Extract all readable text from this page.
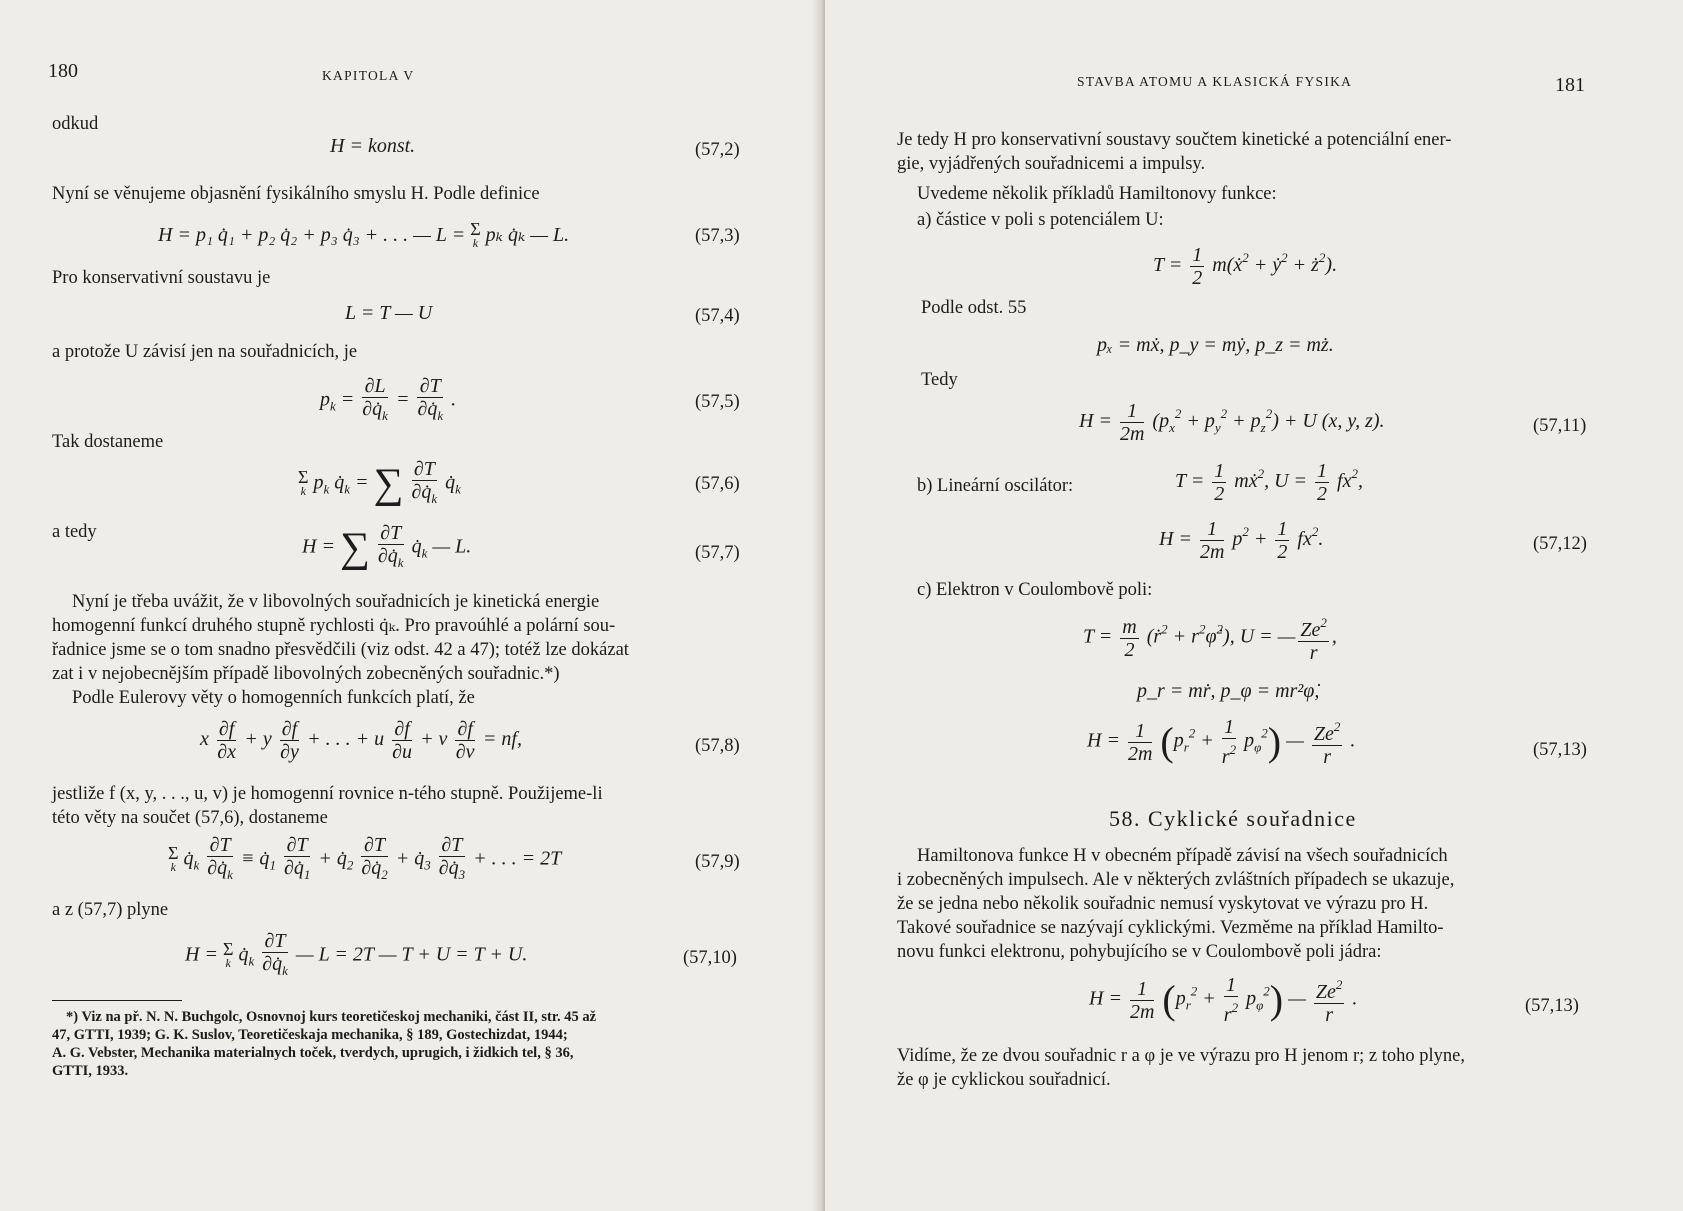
180	KAPITOLA V
odkud
H = konst.	(57,2)
Nyní se věnujeme objasnění fysikálního smyslu H. Podle definice
H = p₁ q̇₁ + p₂ q̇₂ + p₃ q̇₃ + . . . — L = Σ
k pₖ q̇ₖ — L.	(57,3)
Pro konservativní soustavu je
L = T — U	(57,4)
a protože U závisí jen na souřadnicích, je
$p_k = \frac{\partial L}{\partial q̇_k} = \frac{\partial T}{\partial q̇_k}$ .	(57,5)
Tak dostaneme
Σ
k $p_k$ $q̇_k$ = ∑ $\frac{\partial T}{\partial q̇_k}$ $q̇_k$	(57,6)
a tedy
H = ∑ $\frac{\partial T}{\partial q̇_k}$ $q̇_k$ — L.	(57,7)
Nyní je třeba uvážit, že v libovolných souřadnicích je kinetická energie
homogenní funkcí druhého stupně rychlosti q̇ₖ. Pro pravoúhlé a polární sou-
řadnice jsme se o tom snadno přesvědčili (viz odst. 42 a 47); totéž lze dokázat
zat i v nejobecnějším případě libovolných zobecněných souřadnic.*)
Podle Eulerovy věty o homogenních funkcích platí, že
x $\frac{\partial f}{\partial x} + y \frac{\partial f}{\partial y}$ + . . . + u $\frac{\partial f}{\partial u} + v \frac{\partial f}{\partial v}$ = nf,	(57,8)
jestliže f (x, y, . . ., u, v) je homogenní rovnice n-tého stupně. Použijeme-li
této věty na součet (57,6), dostaneme
Σ
k $q̇_k \frac{\partial T}{\partial q̇_k}$ ≡ $q̇_1 \frac{\partial T}{\partial q̇_1}$ + $q̇_2 \frac{\partial T}{\partial q̇_2}$ + $q̇_3 \frac{\partial T}{\partial q̇_3}$ + . . . = 2T	(57,9)
a z (57,7) plyne
H = Σ
k $q̇_k \frac{\partial T}{\partial q̇_k}$ — L = 2T — T + U = T + U.	(57,10)
*) Viz na př. N. N. Buchgolc, Osnovnoj kurs teoretičeskoj mechaniki, část II, str. 45 až
47, GTTI, 1939; G. K. Suslov, Teoretičeskaja mechanika, § 189, Gostechizdat, 1944;
A. G. Vebster, Mechanika materialnych toček, tverdych, uprugich, i židkich tel, § 36,
GTTI, 1933.
STAVBA ATOMU A KLASICKÁ FYSIKA	181
Je tedy H pro konservativní soustavy součtem kinetické a potenciální ener-
gie, vyjádřených souřadnicemi a impulsy.
Uvedeme několik příkladů Hamiltonovy funkce:
a) částice v poli s potenciálem U:
$T = \frac{1}{2}$ m(ẋ$^2$ + ẏ$^2$ + $ż^2$).
Podle odst. 55
pₓ = mẋ, p_y = mẏ, p_z = mż.
Tedy
$H = \frac{1}{2m} (p_x^2 + p_y^2 + p_z^2) + U$ (x, y, z).	(57,11)
b) Lineární oscilátor:	$T = \frac{1}{2}$ mẋ$^2$, $U = \frac{1}{2} fx^2$,
$H = \frac{1}{2m} p^2 + \frac{1}{2} fx^2$.	(57,12)
c) Elektron v Coulombově poli:
$T = \frac{m}{2}$ (ṙ$^2$ + $r^2\varphi̇^2$), U = — $\frac{Ze^2}{r}$ ,
p_r = mṙ, p_φ = mr²φ̇,
$H = \frac{1}{2m} (p_r^2 + \frac{1}{r^2} p_\varphi^2)$ — $\frac{Ze^2}{r}$ .	(57,13)
58. Cyklické souřadnice
Hamiltonova funkce H v obecném případě závisí na všech souřadnicích
i zobecněných impulsech. Ale v některých zvláštních případech se ukazuje,
že se jedna nebo několik souřadnic nemusí vyskytovat ve výrazu pro H.
Takové souřadnice se nazývají cyklickými. Vezměme na příklad Hamilto-
novu funkci elektronu, pohybujícího se v Coulombově poli jádra:
$H = \frac{1}{2m} (p_r^2 + \frac{1}{r^2} p_\varphi^2)$ — $\frac{Ze^2}{r}$ .	(57,13)
Vidíme, že ze dvou souřadnic r a φ je ve výrazu pro H jenom r; z toho plyne,
že φ je cyklickou souřadnicí.
